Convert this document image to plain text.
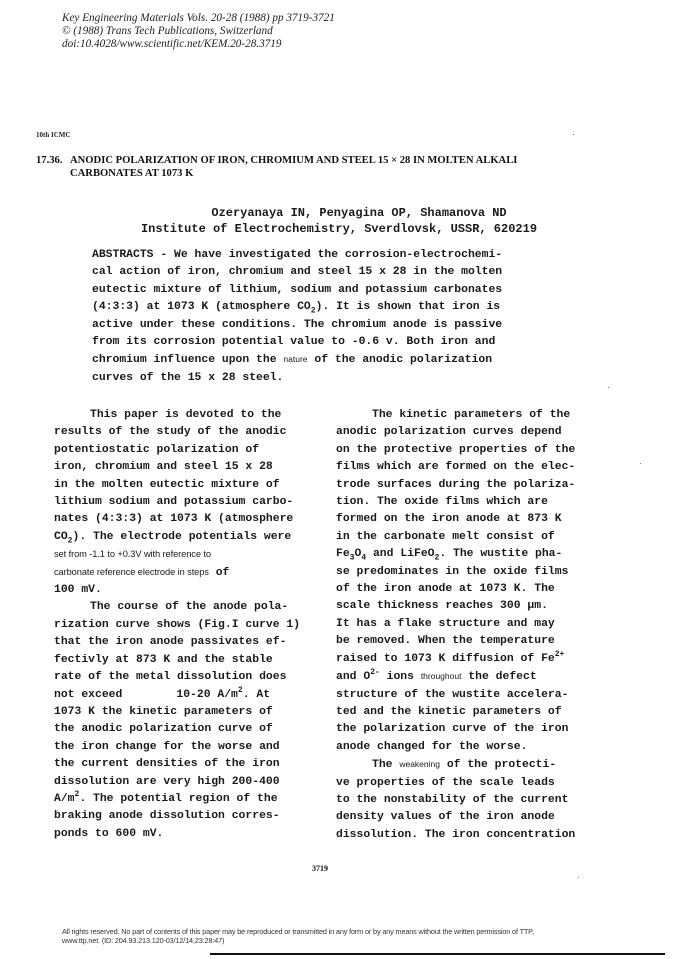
Key Engineering Materials Vols. 20-28 (1988) pp 3719-3721
© (1988) Trans Tech Publications, Switzerland
doi:10.4028/www.scientific.net/KEM.20-28.3719
10th ICMC
17.36. ANODIC POLARIZATION OF IRON, CHROMIUM AND STEEL 15 × 28 IN MOLTEN ALKALI
CARBONATES AT 1073 K
Ozeryanaya IN, Penyagina OP, Shamanova ND
Institute of Electrochemistry, Sverdlovsk, USSR, 620219
ABSTRACTS - We have investigated the corrosion-electrochemi-
cal action of iron, chromium and steel 15 x 28 in the molten
eutectic mixture of lithium, sodium and potassium carbonates
(4:3:3) at 1073 K (atmosphere $CO_2$). It is shown that iron is
active under these conditions. The chromium anode is passive
from its corrosion potential value to -0.6 v. Both iron and
chromium influence upon the nature of the anodic polarization
curves of the 15 x 28 steel.
This paper is devoted to the
results of the study of the anodic
potentiostatic polarization of
iron, chromium and steel 15 x 28
in the molten eutectic mixture of
lithium sodium and potassium carbo-
nates (4:3:3) at 1073 K (atmosphere
$CO_2$). The electrode potentials were
set from -1.1 to +0.3V with reference to
carbonate reference electrode in steps of
100 mV.
The course of the anode pola-
rization curve shows (Fig.I curve 1)
that the iron anode passivates ef-
fectivly at 873 K and the stable
rate of the metal dissolution does
not exceed	10-20 $A/m^2$. At
1073 K the kinetic parameters of
the anodic polarization curve of
the iron change for the worse and
the current densities of the iron
dissolution are very high 200-400
$A/m^2$. The potential region of the
braking anode dissolution corres-
ponds to 600 mV.
The kinetic parameters of the
anodic polarization curves depend
on the protective properties of the
films which are formed on the elec-
trode surfaces during the polariza-
tion. The oxide films which are
formed on the iron anode at 873 K
in the carbonate melt consist of
$Fe_3O_4$ and LiFeO$_2$. The wustite pha-
se predominates in the oxide films
of the iron anode at 1073 K. The
scale thickness reaches 300 µm.
It has a flake structure and may
be removed. When the temperature
raised to 1073 K diffusion of $Fe^{2+}$
and $O^{2-}$ ions throughout the defect
structure of the wustite accelera-
ted and the kinetic parameters of
the polarization curve of the iron
anode changed for the worse.
The weakening of the protecti-
ve properties of the scale leads
to the nonstability of the current
density values of the iron anode
dissolution. The iron concentration
3719
All rights reserved. No part of contents of this paper may be reproduced or transmitted in any form or by any means without the written permission of TTP,
www.ttp.net. (ID: 204.93.213.120-03/12/14,23:28:47)
